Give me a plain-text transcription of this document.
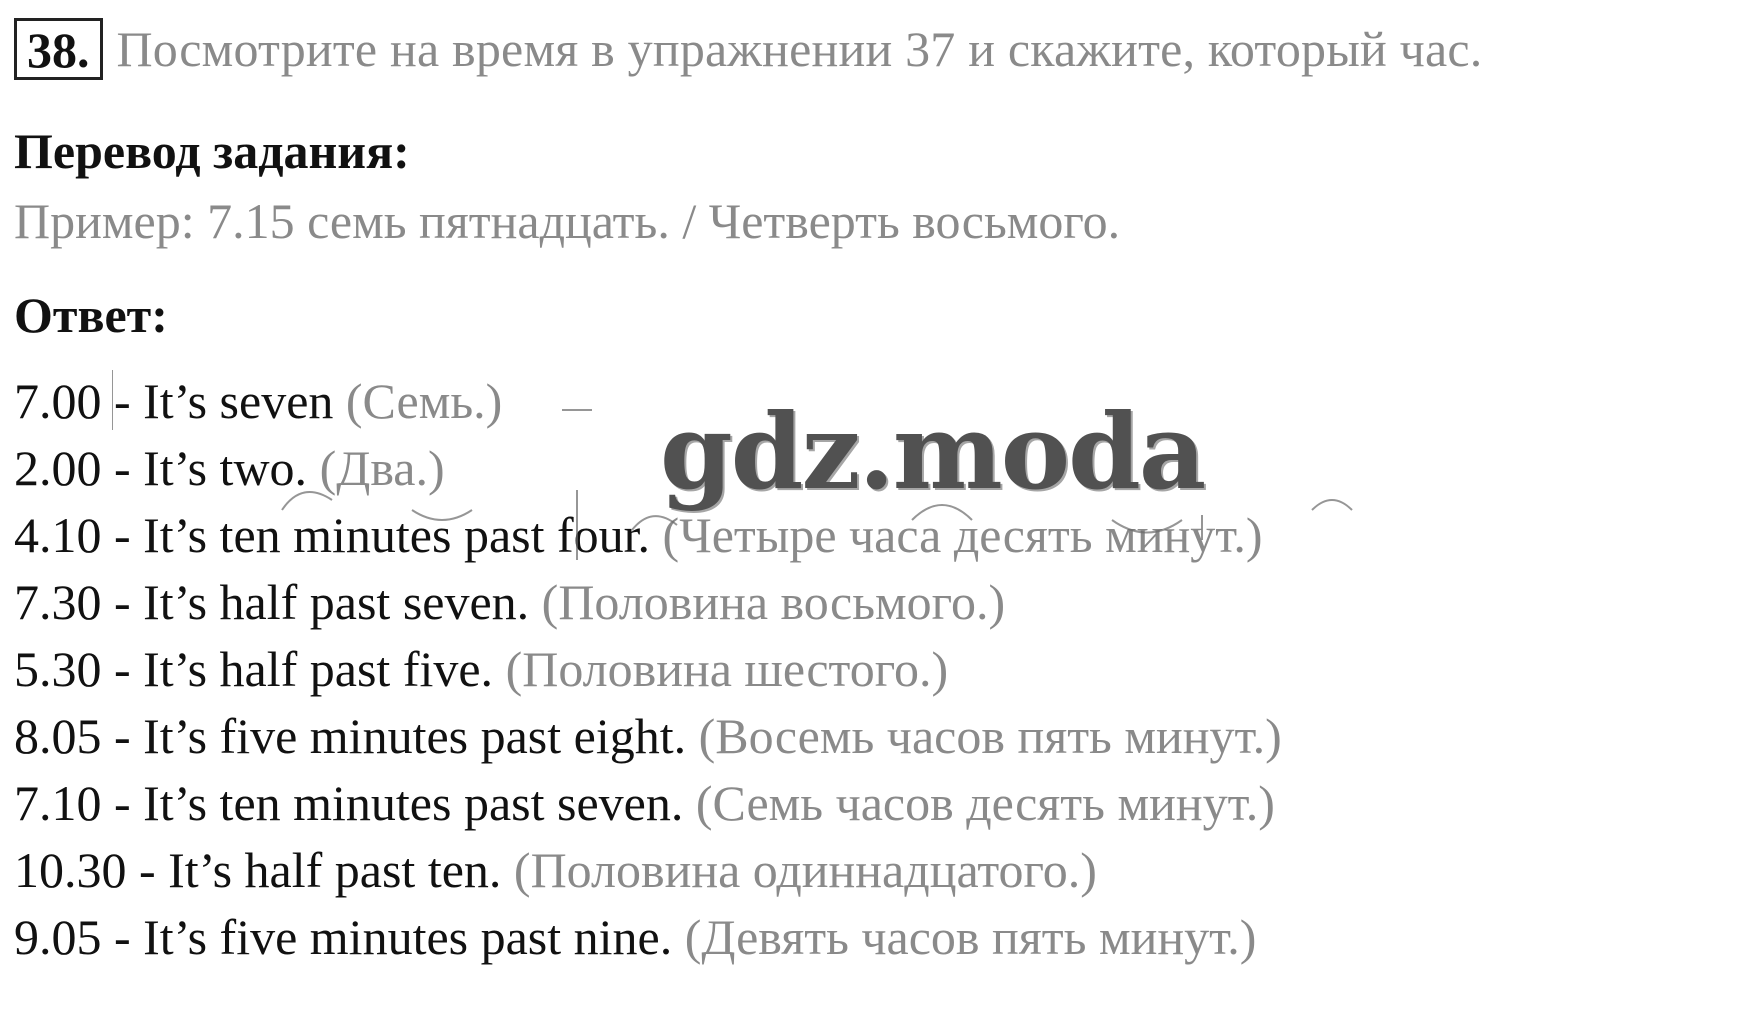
38. Посмотрите на время в упражнении 37 и скажите, который час.
Перевод задания:
Пример: 7.15 семь пятнадцать. / Четверть восьмого.
Ответ:
7.00 - It’s seven (Семь.)
2.00 - It’s two. (Два.)
4.10 - It’s ten minutes past four. (Четыре часа десять минут.)
7.30 - It’s half past seven. (Половина восьмого.)
5.30 - It’s half past five. (Половина шестого.)
8.05 - It’s five minutes past eight. (Восемь часов пять минут.)
7.10 - It’s ten minutes past seven. (Семь часов десять минут.)
10.30 - It’s half past ten. (Половина одиннадцатого.)
9.05 - It’s five minutes past nine. (Девять часов пять минут.)
gdz.moda
